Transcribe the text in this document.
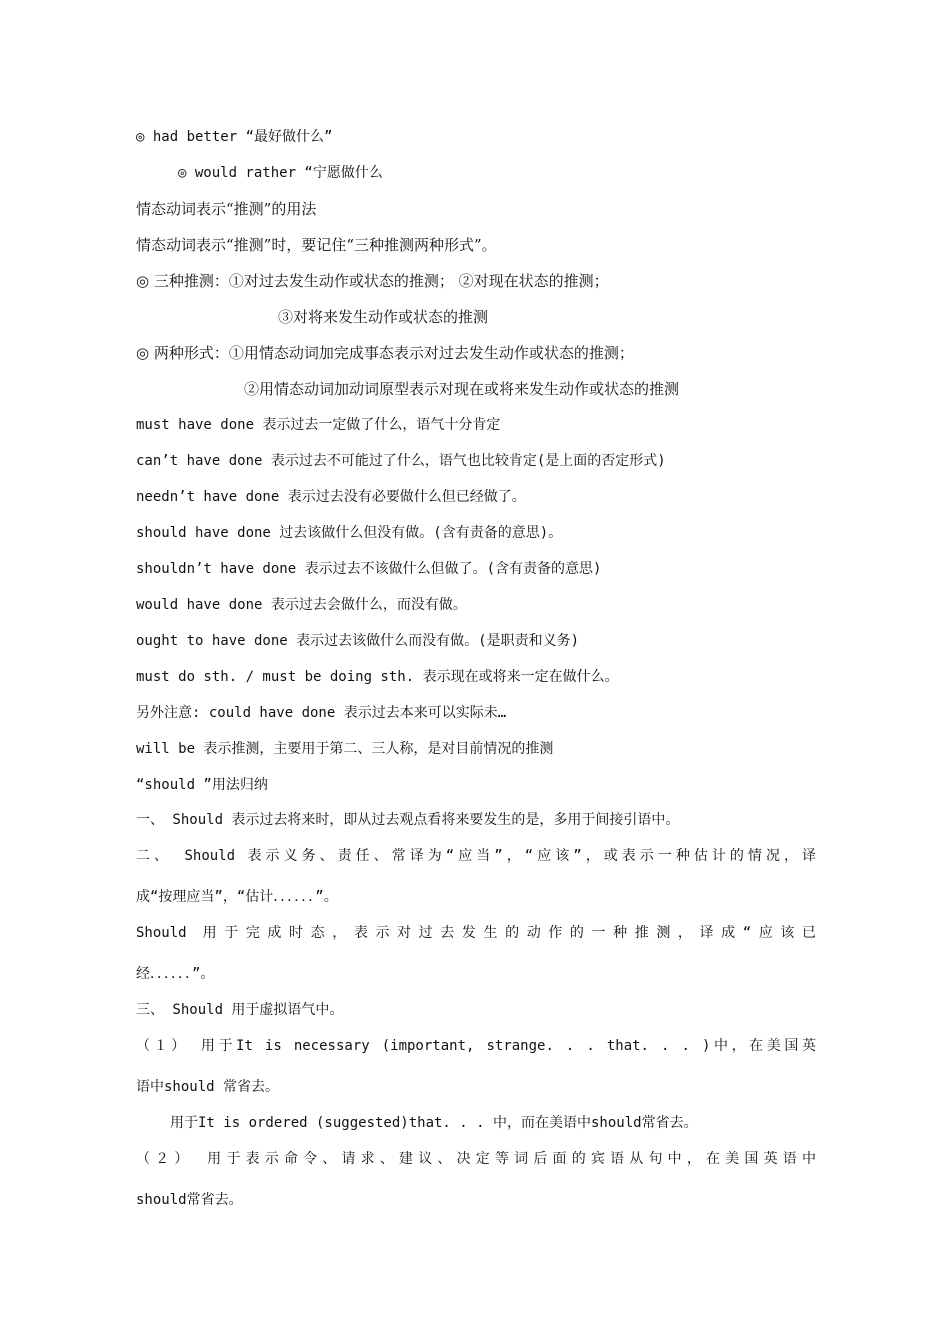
◎ had better “最好做什么”
◎ would rather “宁愿做什么
情态动词表示“推测”的用法
情态动词表示“推测”时，要记住“三种推测两种形式”。
◎ 三种推测：①对过去发生动作或状态的推测； ②对现在状态的推测；
③对将来发生动作或状态的推测
◎ 两种形式：①用情态动词加完成事态表示对过去发生动作或状态的推测；
②用情态动词加动词原型表示对现在或将来发生动作或状态的推测
must have done 表示过去一定做了什么，语气十分肯定
can’t have done 表示过去不可能过了什么，语气也比较肯定(是上面的否定形式)
needn’t have done 表示过去没有必要做什么但已经做了。
should have done 过去该做什么但没有做。(含有责备的意思)。
shouldn’t have done 表示过去不该做什么但做了。(含有责备的意思)
would have done 表示过去会做什么，而没有做。
ought to have done 表示过去该做什么而没有做。(是职责和义务)
must do sth. / must be doing sth. 表示现在或将来一定在做什么。
另外注意: could have done 表示过去本来可以实际未…
will be 表示推测，主要用于第二、三人称，是对目前情况的推测
“should ”用法归纳
一、 Should 表示过去将来时，即从过去观点看将来要发生的是，多用于间接引语中。
二、 Should 表示义务、责任、常译为“应当”，“应该”，或表示一种估计的情况，译
成“按理应当”，“估计．．．．．．”。
Should 用于完成时态，表示对过去发生的动作的一种推测，译成“应该已
经．．．．．．”。
三、 Should 用于虚拟语气中。
（１） 用于It is necessary (important, strange. . . that. . . )中，在美国英
语中should 常省去。
用于It is ordered (suggested)that. . . 中，而在美语中should常省去。
（２） 用于表示命令、请求、建议、决定等词后面的宾语从句中，在美国英语中
should常省去。
